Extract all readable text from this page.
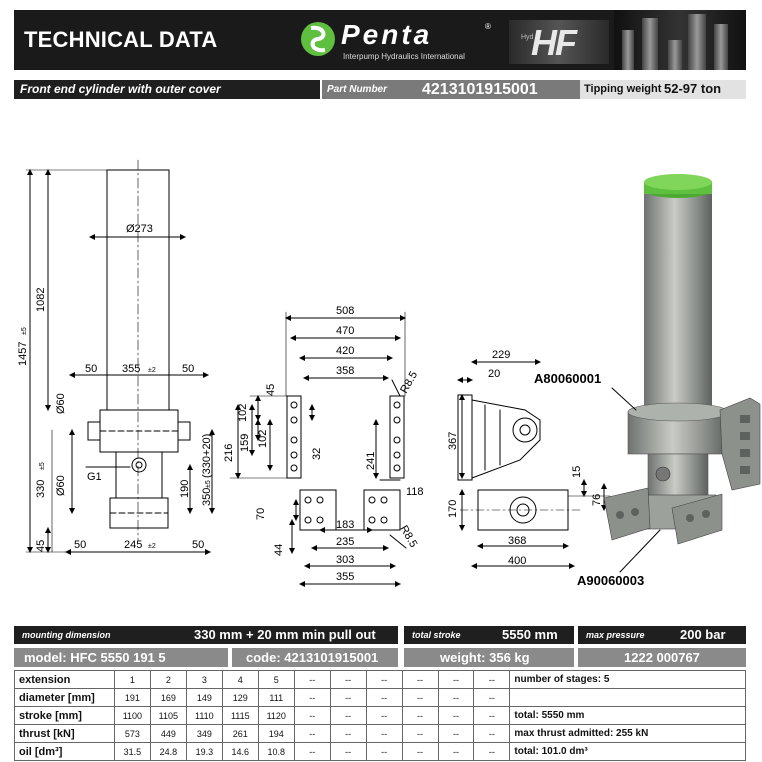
TECHNICAL DATA	Penta	®
Interpump Hydraulics International
Hyd
HF
Front end cylinder with outer cover	Part Number	4213101915001	Tipping weight 52-97 ton
Ø273
1457
±5
1082
50 355 ±2 50
Ø60
Ø60
330
±5
G1
190 350
±5
(330+20)
45 50	245 ±2	50
508
470
420
358	R8.5
45
102
102
159
216	32	241
118
70
44
183
235
303
355
R8.5
229
20
367
170
368
400
15
76
A80060001
A90060003
mounting dimension	330 mm + 20 mm min pull out	total stroke	5550 mm	max pressure	200 bar
model: HFC 5550 191 5	code: 4213101915001	weight: 356 kg	1222 000767
extension	1	2	3	4	5	--	--	--	--	--	--	number of stages: 5
diameter [mm]	191	169	149	129	111	--	--	--	--	--	--	
stroke [mm]	1100	1105	1110	1115	1120	--	--	--	--	--	--	total: 5550 mm
thrust [kN]	573	449	349	261	194	--	--	--	--	--	--	max thrust admitted: 255 kN
oil [dm³]	31.5	24.8	19.3	14.6	10.8	--	--	--	--	--	--	total: 101.0 dm³
